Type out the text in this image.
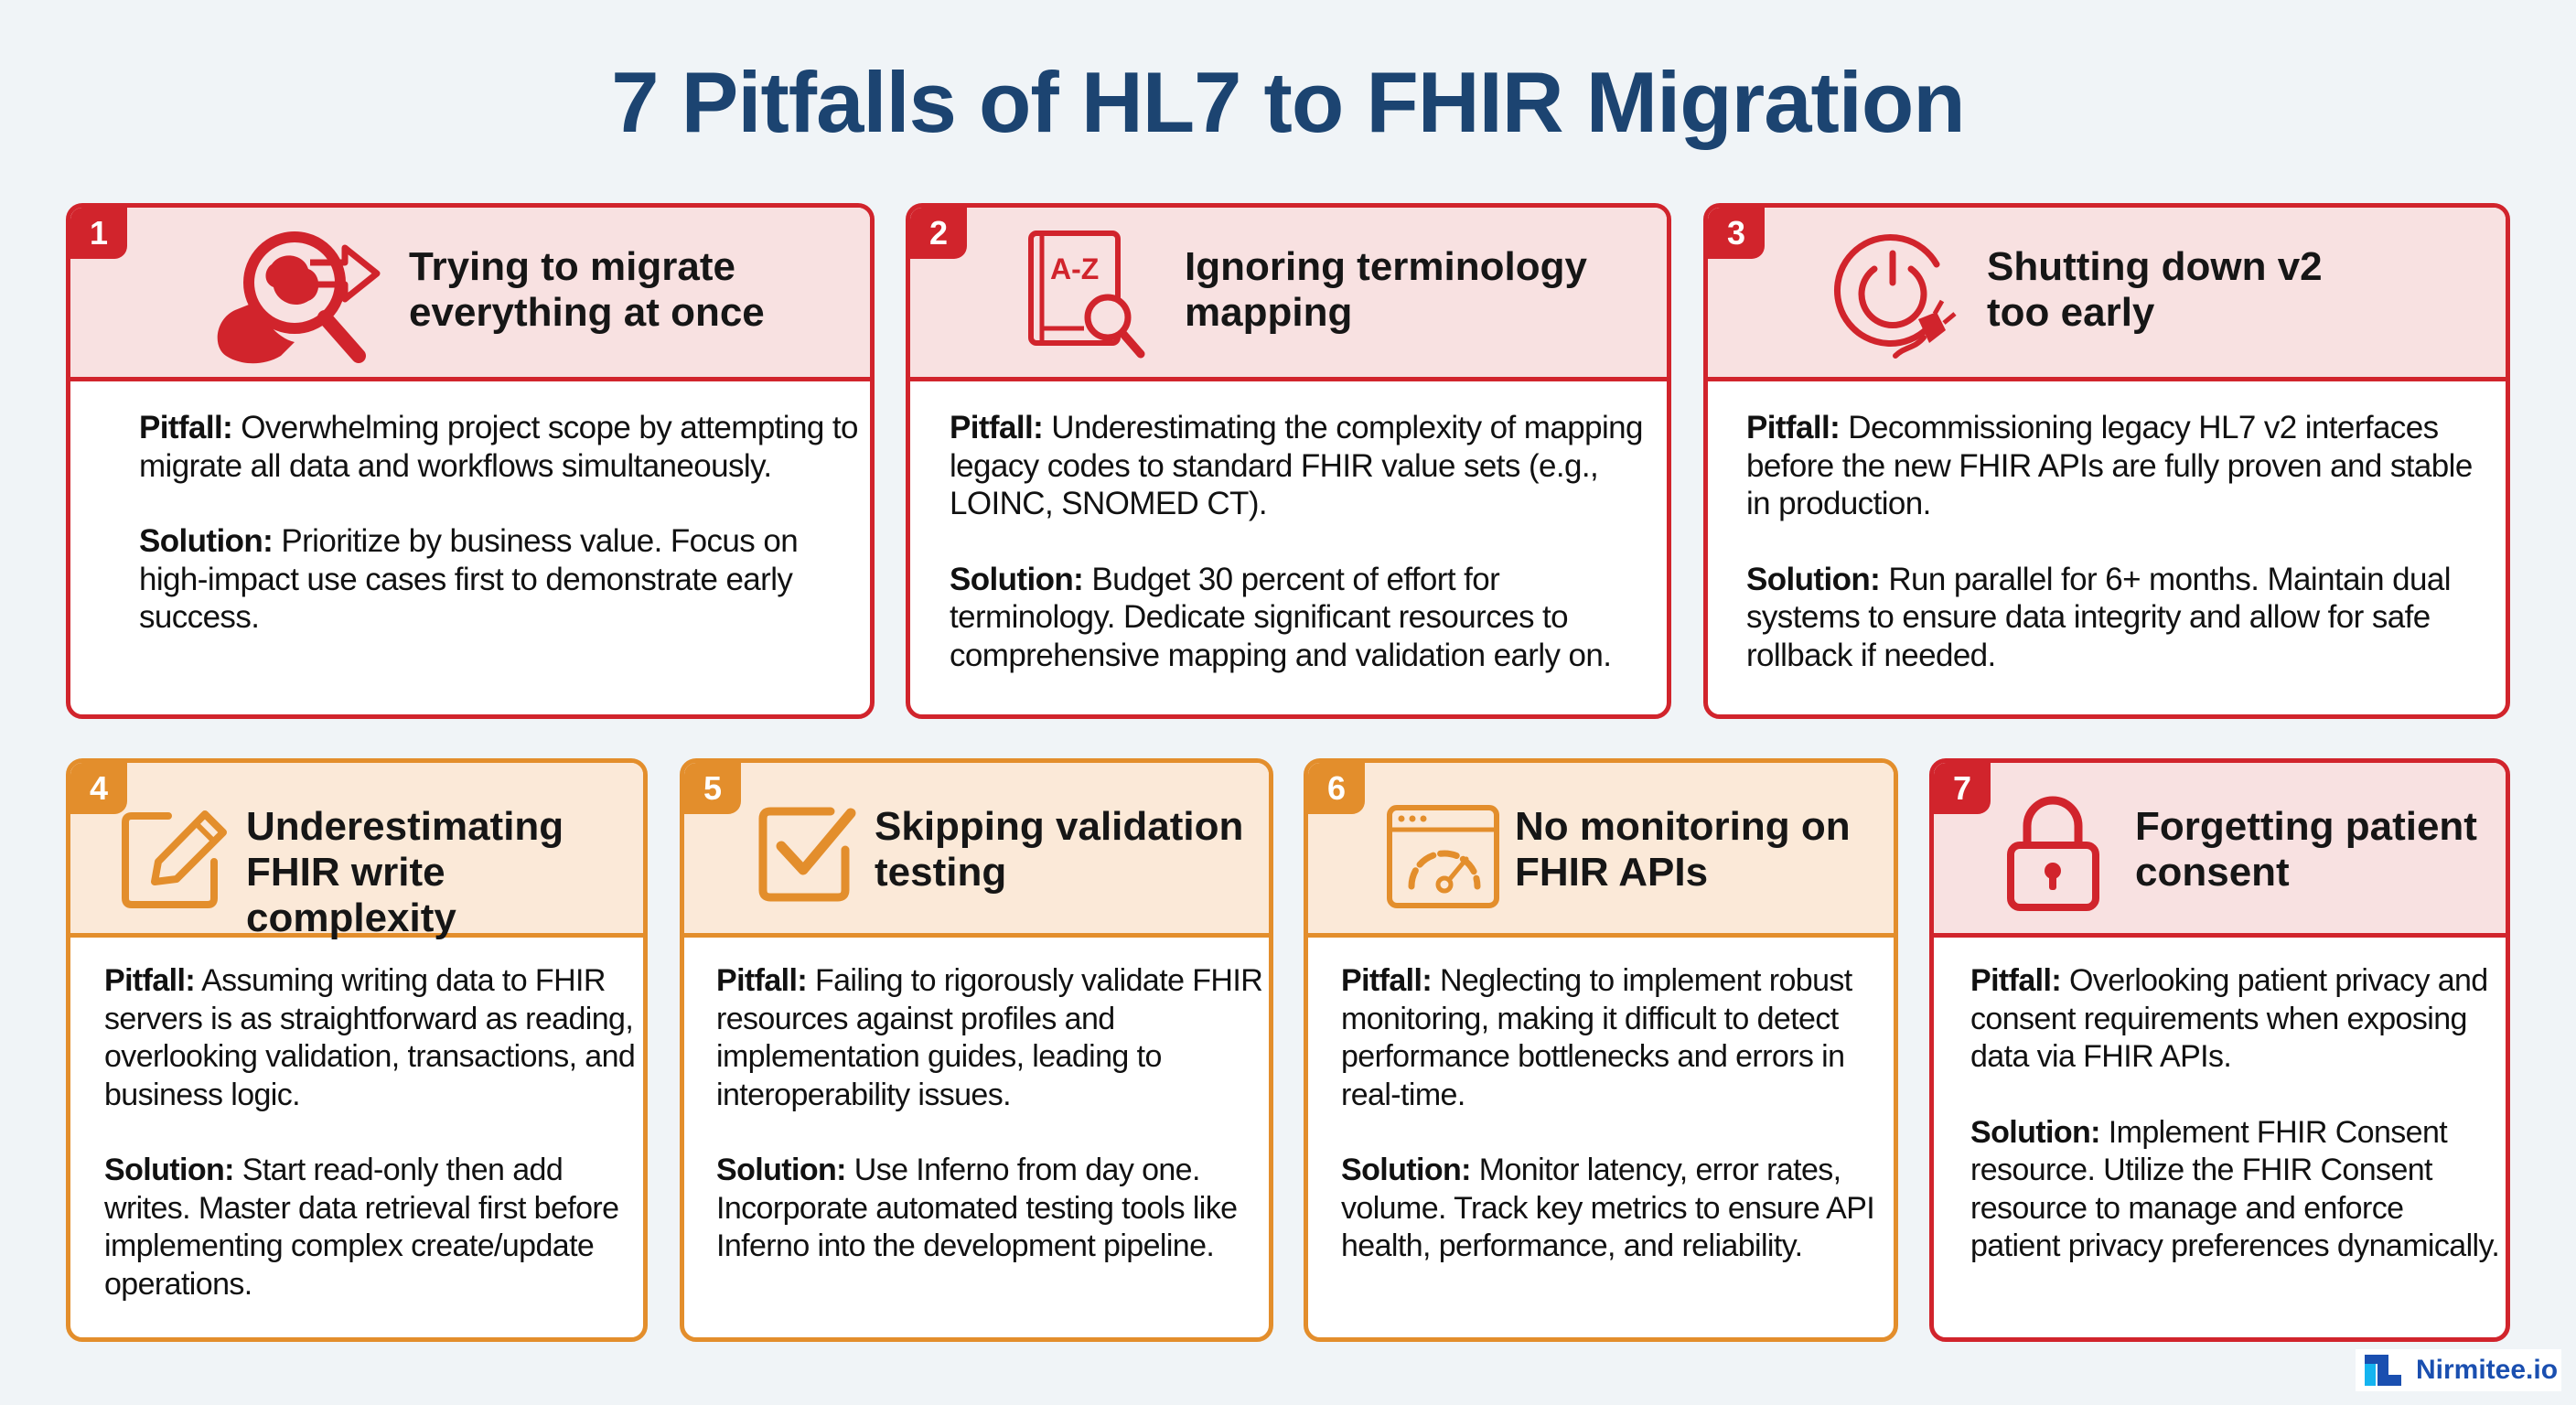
7 Pitfalls of HL7 to FHIR Migration
1
Trying to migrate
everything at once

Pitfall: Overwhelming project scope by attempting to migrate all data and workflows simultaneously.

Solution: Prioritize by business value. Focus on high-impact use cases first to demonstrate early success.

2
A-Z Ignoring terminology
mapping

Pitfall: Underestimating the complexity of mapping legacy codes to standard FHIR value sets (e.g., LOINC, SNOMED CT).

Solution: Budget 30 percent of effort for terminology. Dedicate significant resources to comprehensive mapping and validation early on.

3
Shutting down v2
too early

Pitfall: Decommissioning legacy HL7 v2 interfaces before the new FHIR APIs are fully proven and stable in production.

Solution: Run parallel for 6+ months. Maintain dual systems to ensure data integrity and allow for safe rollback if needed.

4
Underestimating
FHIR write complexity

Pitfall: Assuming writing data to FHIR servers is as straightforward as reading, overlooking validation, transactions, and business logic.

Solution: Start read-only then add writes. Master data retrieval first before implementing complex create/update operations.

5
Skipping validation
testing

Pitfall: Failing to rigorously validate FHIR resources against profiles and implementation guides, leading to interoperability issues.

Solution: Use Inferno from day one. Incorporate automated testing tools like Inferno into the development pipeline.

6
No monitoring on
FHIR APIs

Pitfall: Neglecting to implement robust monitoring, making it difficult to detect performance bottlenecks and errors in real-time.

Solution: Monitor latency, error rates, volume. Track key metrics to ensure API health, performance, and reliability.

7
Forgetting patient
consent

Pitfall: Overlooking patient privacy and consent requirements when exposing data via FHIR APIs.

Solution: Implement FHIR Consent resource. Utilize the FHIR Consent resource to manage and enforce patient privacy preferences dynamically.

Nirmitee.io
